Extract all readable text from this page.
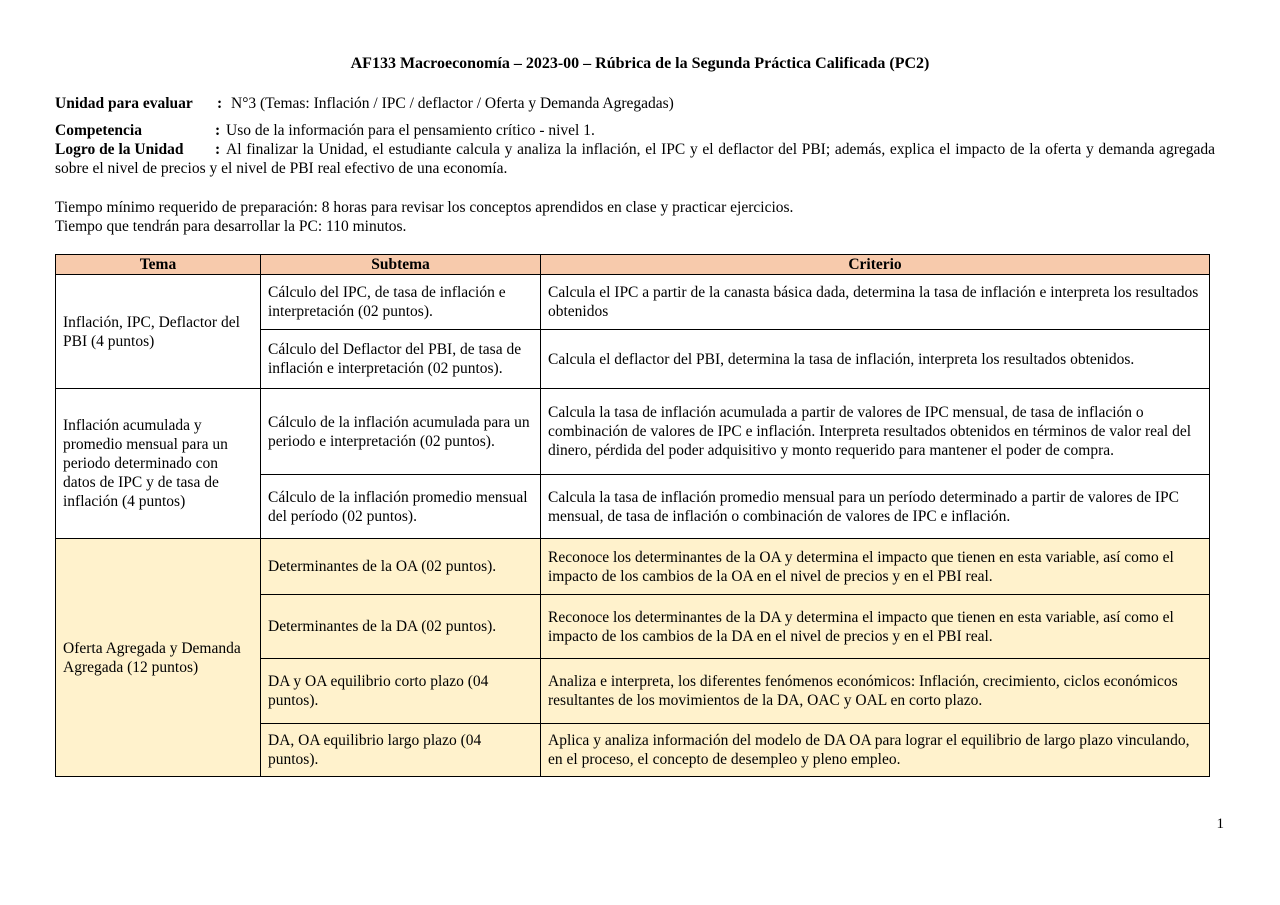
AF133 Macroeconomía – 2023-00 – Rúbrica de la Segunda Práctica Calificada (PC2)
Unidad para evaluar : N°3 (Temas: Inflación / IPC / deflactor / Oferta y Demanda Agregadas)
Competencia	: Uso de la información para el pensamiento crítico - nivel 1.
Logro de la Unidad : Al finalizar la Unidad, el estudiante calcula y analiza la inflación, el IPC y el deflactor del PBI; además, explica el impacto de la oferta y demanda agregada sobre el nivel de precios y el nivel de PBI real efectivo de una economía.
Tiempo mínimo requerido de preparación: 8 horas para revisar los conceptos aprendidos en clase y practicar ejercicios.
Tiempo que tendrán para desarrollar la PC: 110 minutos.
Tema	Subtema	Criterio
Inflación, IPC, Deflactor del PBI (4 puntos)	Cálculo del IPC, de tasa de inflación e interpretación (02 puntos).	Calcula el IPC a partir de la canasta básica dada, determina la tasa de inflación e interpreta los resultados obtenidos
	Cálculo del Deflactor del PBI, de tasa de inflación e interpretación (02 puntos).	Calcula el deflactor del PBI, determina la tasa de inflación, interpreta los resultados obtenidos.
Inflación acumulada y promedio mensual para un periodo determinado con datos de IPC y de tasa de inflación (4 puntos)	Cálculo de la inflación acumulada para un periodo e interpretación (02 puntos).	Calcula la tasa de inflación acumulada a partir de valores de IPC mensual, de tasa de inflación o combinación de valores de IPC e inflación. Interpreta resultados obtenidos en términos de valor real del dinero, pérdida del poder adquisitivo y monto requerido para mantener el poder de compra.
	Cálculo de la inflación promedio mensual del período (02 puntos).	Calcula la tasa de inflación promedio mensual para un período determinado a partir de valores de IPC mensual, de tasa de inflación o combinación de valores de IPC e inflación.
Oferta Agregada y Demanda Agregada (12 puntos)	Determinantes de la OA (02 puntos).	Reconoce los determinantes de la OA y determina el impacto que tienen en esta variable, así como el impacto de los cambios de la OA en el nivel de precios y en el PBI real.
	Determinantes de la DA (02 puntos).	Reconoce los determinantes de la DA y determina el impacto que tienen en esta variable, así como el impacto de los cambios de la DA en el nivel de precios y en el PBI real.
	DA y OA equilibrio corto plazo (04 puntos).	Analiza e interpreta, los diferentes fenómenos económicos: Inflación, crecimiento, ciclos económicos resultantes de los movimientos de la DA, OAC y OAL en corto plazo.
	DA, OA equilibrio largo plazo (04 puntos).	Aplica y analiza información del modelo de DA OA para lograr el equilibrio de largo plazo vinculando, en el proceso, el concepto de desempleo y pleno empleo.
1
